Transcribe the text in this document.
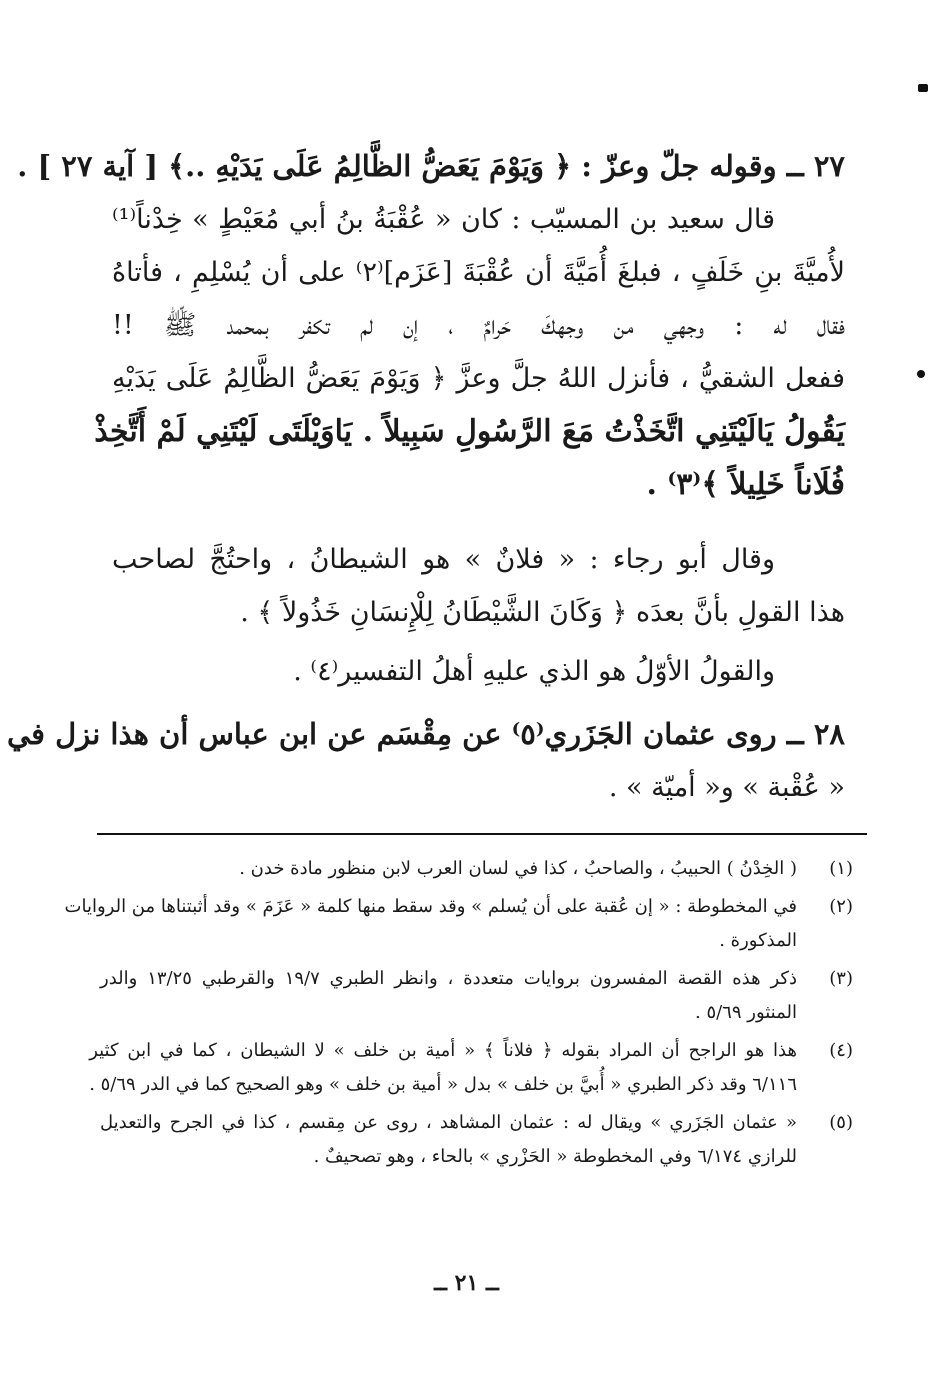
٢٧ ــ وقوله جلّ وعزّ : ﴿ وَيَوْمَ يَعَضُّ الظَّالِمُ عَلَى يَدَيْهِ ..﴾ [ آية ٢٧ ] .
قال سعيد بن المسيّب : كان « عُقْبَةُ بنُ أبي مُعَيْطٍ » خِدْناً⁽¹⁾
لأُميَّةَ بنِ خَلَفٍ ، فبلغَ أُمَيَّةَ أن عُقْبَةَ [عَزَم]⁽٢⁾ على أن يُسْلِمِ ، فأتاهُ
فقال له : وجهي من وجهكَ حَرامٌ ، إن لم تكفر بمحمد ﷺ !!
ففعل الشقيُّ ، فأنزل اللهُ جلَّ وعزَّ ﴿ وَيَوْمَ يَعَضُّ الظَّالِمُ عَلَى يَدَيْهِ
يَقُولُ يَالَيْتَنِي اتَّخَذْتُ مَعَ الرَّسُولِ سَبِيلاً . يَاوَيْلَتَى لَيْتَنِي لَمْ أَتَّخِذْ
فُلَاناً خَلِيلاً ﴾⁽٣⁾ .
وقال أبو رجاء : « فلانٌ » هو الشيطانُ ، واحتُجَّ لصاحب
هذا القولِ بأنَّ بعدَه ﴿ وَكَانَ الشَّيْطَانُ لِلْإِنسَانِ خَذُولاً ﴾ .
والقولُ الأوّلُ هو الذي عليهِ أهلُ التفسير⁽٤⁾ .
٢٨ ــ روى عثمان الجَزَري⁽٥⁾ عن مِقْسَم عن ابن عباس أن هذا نزل في
« عُقْبة » و« أميّة » .
(١)
( الخِدْنُ ) الحبيبُ ، والصاحبُ ، كذا في لسان العرب لابن منظور مادة خدن .
(٢)
في المخطوطة : « إن عُقبة على أن يُسلم » وقد سقط منها كلمة « عَزَمَ » وقد أثبتناها من الروايات
المذكورة .
(٣)
ذكر هذه القصة المفسرون بروايات متعددة ، وانظر الطبري ١٩/٧ والقرطبي ١٣/٢٥ والدر
المنثور ٥/٦٩ .
(٤)
هذا هو الراجح أن المراد بقوله ﴿ فلاناً ﴾ « أمية بن خلف » لا الشيطان ، كما في ابن كثير
٦/١١٦ وقد ذكر الطبري « أُبيَّ بن خلف » بدل « أمية بن خلف » وهو الصحيح كما في الدر ٥/٦٩ .
(٥)
« عثمان الجَزَري » ويقال له : عثمان المشاهد ، روى عن مِقسم ، كذا في الجرح والتعديل
للرازي ٦/١٧٤ وفي المخطوطة « الحَزْري » بالحاء ، وهو تصحيفٌ .
ــ ٢١ ــ
